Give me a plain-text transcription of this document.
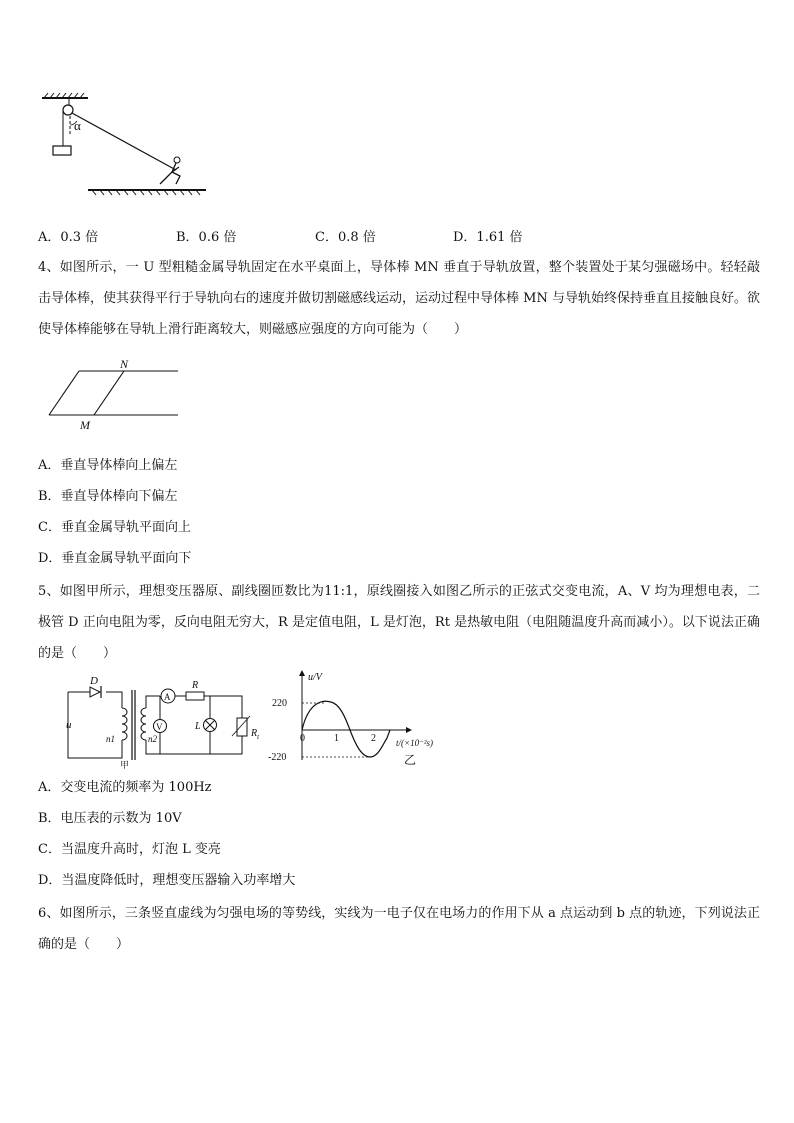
α
A．0.3 倍	B．0.6 倍	C．0.8 倍	D．1.61 倍
4、如图所示，一 U 型粗糙金属导轨固定在水平桌面上，导体棒 MN 垂直于导轨放置，整个装置处于某匀强磁场中。轻轻敲击导体棒，使其获得平行于导轨向右的速度并做切割磁感线运动，运动过程中导体棒 MN 与导轨始终保持垂直且接触良好。欲使导体棒能够在导轨上滑行距离较大，则磁感应强度的方向可能为（　　）
N
M
A．垂直导体棒向上偏左
B．垂直导体棒向下偏左
C．垂直金属导轨平面向上
D．垂直金属导轨平面向下
5、如图甲所示，理想变压器原、副线圈匝数比为11:1，原线圈接入如图乙所示的正弦式交变电流，A、V 均为理想电表，二极管 D 正向电阻为零，反向电阻无穷大，R 是定值电阻，L 是灯泡，Rt 是热敏电阻（电阻随温度升高而减小）。以下说法正确的是（　　）
D
u
n1	n2
A
R
V	L
$R_t$
甲
u/V
220
-220
0	1	2 t/(×10⁻²s)
乙
A．交变电流的频率为 100Hz
B．电压表的示数为 10V
C．当温度升高时，灯泡 L 变亮
D．当温度降低时，理想变压器输入功率增大
6、如图所示，三条竖直虚线为匀强电场的等势线，实线为一电子仅在电场力的作用下从 a 点运动到 b 点的轨迹，下列说法正确的是（　　）
